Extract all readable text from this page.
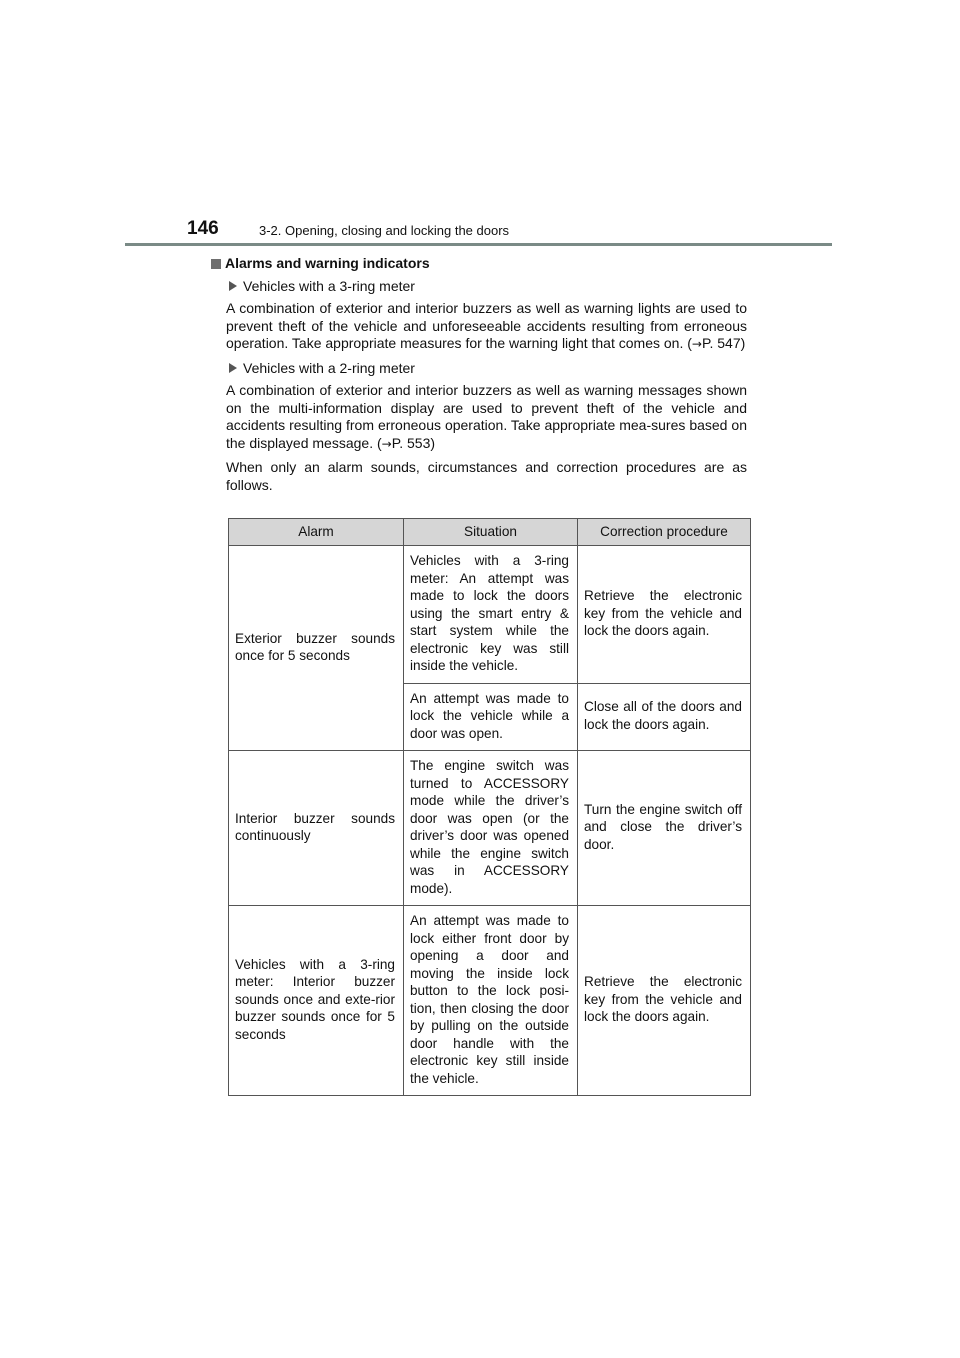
146	3-2. Opening, closing and locking the doors
Alarms and warning indicators
Vehicles with a 3-ring meter

A combination of exterior and interior buzzers as well as warning lights are used to prevent theft of the vehicle and unforeseeable accidents resulting from erroneous operation. Take appropriate measures for the warning light that comes on. (→P. 547)

Vehicles with a 2-ring meter

A combination of exterior and interior buzzers as well as warning messages shown on the multi-information display are used to prevent theft of the vehicle and accidents resulting from erroneous operation. Take appropriate mea-sures based on the displayed message. (→P. 553)

When only an alarm sounds, circumstances and correction procedures are as follows.

Alarm	Situation	Correction procedure
Exterior buzzer sounds once for 5 seconds	Vehicles with a 3-ring meter: An attempt was made to lock the doors using the smart entry & start system while the electronic key was still inside the vehicle.	Retrieve the electronic key from the vehicle and lock the doors again.
	An attempt was made to lock the vehicle while a door was open.	Close all of the doors and lock the doors again.
Interior buzzer sounds continuously	The engine switch was turned to ACCESSORY mode while the driver’s door was open (or the driver’s door was opened while the engine switch was in ACCESSORY mode).	Turn the engine switch off and close the driver’s door.
Vehicles with a 3-ring meter: Interior buzzer sounds once and exte-rior buzzer sounds once for 5 seconds	An attempt was made to lock either front door by opening a door and moving the inside lock button to the lock posi-tion, then closing the door by pulling on the outside door handle with the electronic key still inside the vehicle.	Retrieve the electronic key from the vehicle and lock the doors again.
